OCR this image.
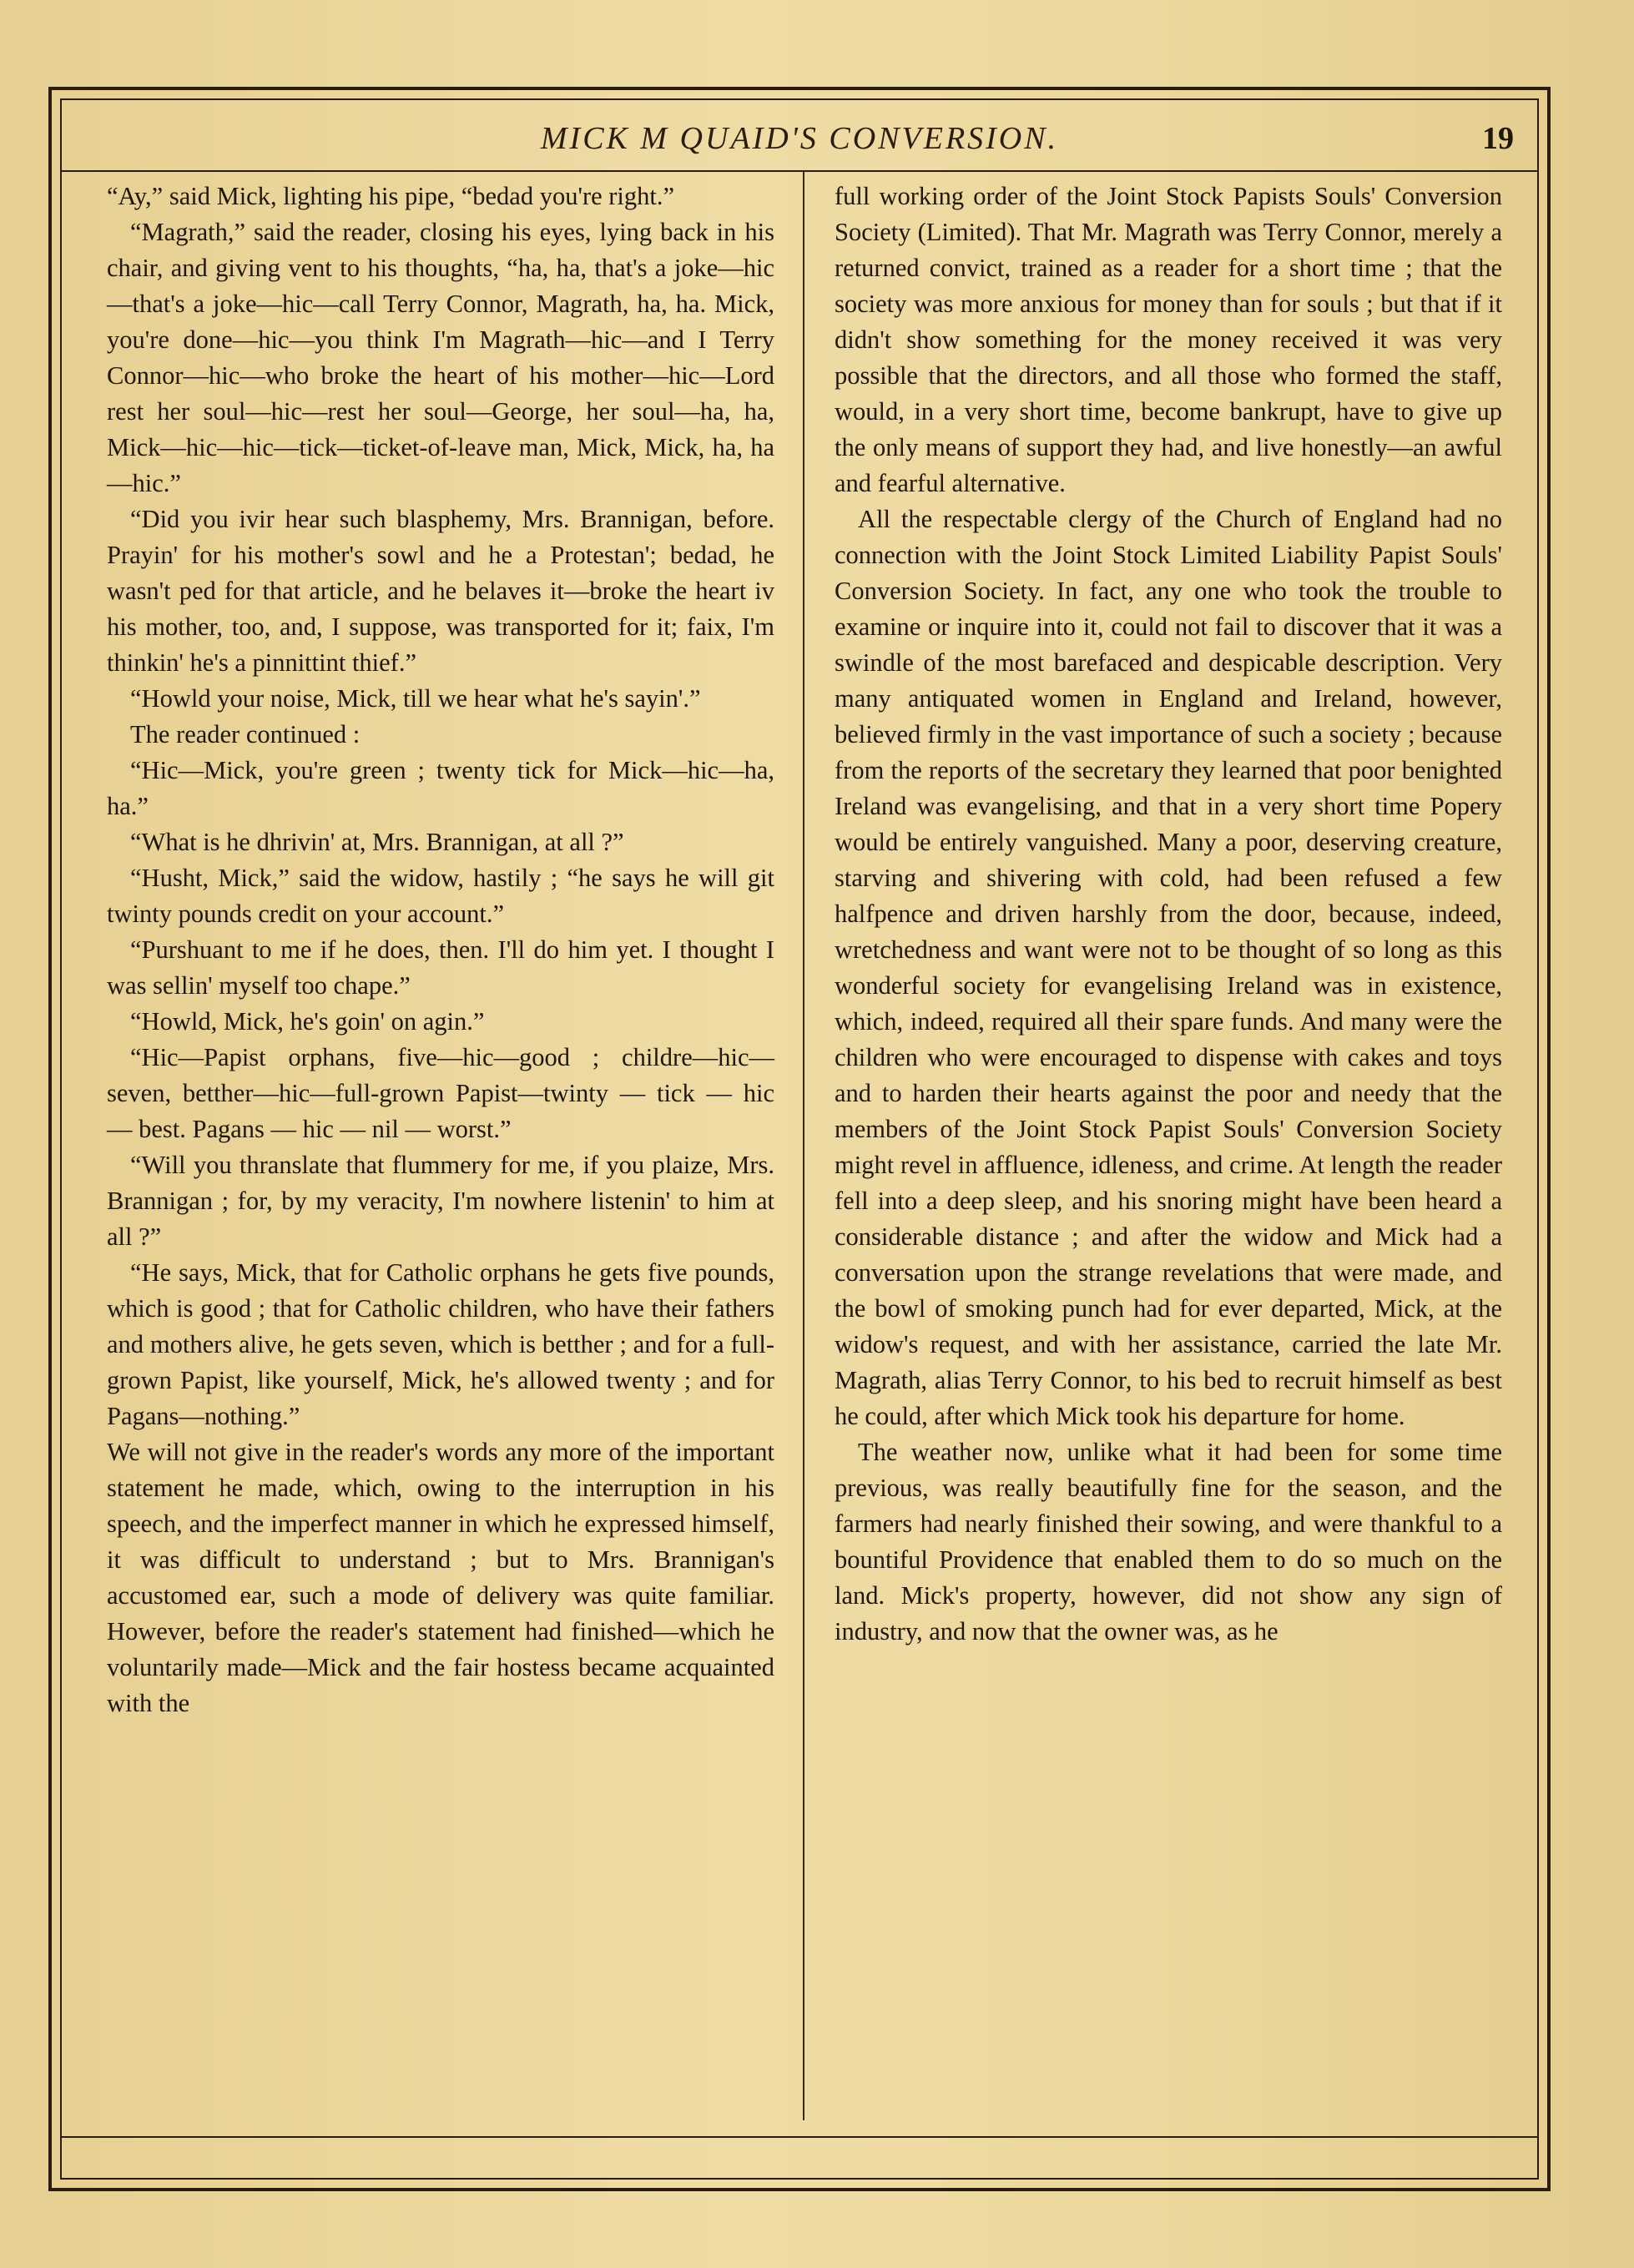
MICK M QUAID'S CONVERSION.	19

“Ay,” said Mick, lighting his pipe, “bedad you're right.”

“Magrath,” said the reader, closing his eyes, lying back in his chair, and giving vent to his thoughts, “ha, ha, that's a joke—hic—that's a joke—hic—call Terry Connor, Magrath, ha, ha. Mick, you're done—hic—you think I'm Magrath—hic—and I Terry Connor—hic—who broke the heart of his mother—hic—Lord rest her soul—hic—rest her soul—George, her soul—ha, ha, Mick—hic—hic—tick—ticket-of-leave man, Mick, Mick, ha, ha—hic.”

“Did you ivir hear such blasphemy, Mrs. Brannigan, before. Prayin' for his mother's sowl and he a Protestan'; bedad, he wasn't ped for that article, and he belaves it—broke the heart iv his mother, too, and, I suppose, was transported for it; faix, I'm thinkin' he's a pinnittint thief.”

“Howld your noise, Mick, till we hear what he's sayin'.”

The reader continued :

“Hic—Mick, you're green ; twenty tick for Mick—hic—ha, ha.”

“What is he dhrivin' at, Mrs. Brannigan, at all ?”

“Husht, Mick,” said the widow, hastily ; “he says he will git twinty pounds credit on your account.”

“Purshuant to me if he does, then. I'll do him yet. I thought I was sellin' myself too chape.”

“Howld, Mick, he's goin' on agin.”

“Hic—Papist orphans, five—hic—good ; childre—hic—seven, betther—hic—full-grown Papist—twinty — tick — hic — best. Pagans — hic — nil — worst.”

“Will you thranslate that flummery for me, if you plaize, Mrs. Brannigan ; for, by my veracity, I'm nowhere listenin' to him at all ?”

“He says, Mick, that for Catholic orphans he gets five pounds, which is good ; that for Catholic children, who have their fathers and mothers alive, he gets seven, which is betther ; and for a full-grown Papist, like yourself, Mick, he's allowed twenty ; and for Pagans—nothing.”

We will not give in the reader's words any more of the important statement he made, which, owing to the interruption in his speech, and the imperfect manner in which he expressed himself, it was difficult to understand ; but to Mrs. Brannigan's accustomed ear, such a mode of delivery was quite familiar. However, before the reader's statement had finished—which he voluntarily made—Mick and the fair hostess became acquainted with the

full working order of the Joint Stock Papists Souls' Conversion Society (Limited). That Mr. Magrath was Terry Connor, merely a returned convict, trained as a reader for a short time ; that the society was more anxious for money than for souls ; but that if it didn't show something for the money received it was very possible that the directors, and all those who formed the staff, would, in a very short time, become bankrupt, have to give up the only means of support they had, and live honestly—an awful and fearful alternative.

All the respectable clergy of the Church of England had no connection with the Joint Stock Limited Liability Papist Souls' Conversion Society. In fact, any one who took the trouble to examine or inquire into it, could not fail to discover that it was a swindle of the most barefaced and despicable description. Very many antiquated women in England and Ireland, however, believed firmly in the vast importance of such a society ; because from the reports of the secretary they learned that poor benighted Ireland was evangelising, and that in a very short time Popery would be entirely vanguished. Many a poor, deserving creature, starving and shivering with cold, had been refused a few halfpence and driven harshly from the door, because, indeed, wretchedness and want were not to be thought of so long as this wonderful society for evangelising Ireland was in existence, which, indeed, required all their spare funds. And many were the children who were encouraged to dispense with cakes and toys and to harden their hearts against the poor and needy that the members of the Joint Stock Papist Souls' Conversion Society might revel in affluence, idleness, and crime. At length the reader fell into a deep sleep, and his snoring might have been heard a considerable distance ; and after the widow and Mick had a conversation upon the strange revelations that were made, and the bowl of smoking punch had for ever departed, Mick, at the widow's request, and with her assistance, carried the late Mr. Magrath, alias Terry Connor, to his bed to recruit himself as best he could, after which Mick took his departure for home.

The weather now, unlike what it had been for some time previous, was really beautifully fine for the season, and the farmers had nearly finished their sowing, and were thankful to a bountiful Providence that enabled them to do so much on the land. Mick's property, however, did not show any sign of industry, and now that the owner was, as he
